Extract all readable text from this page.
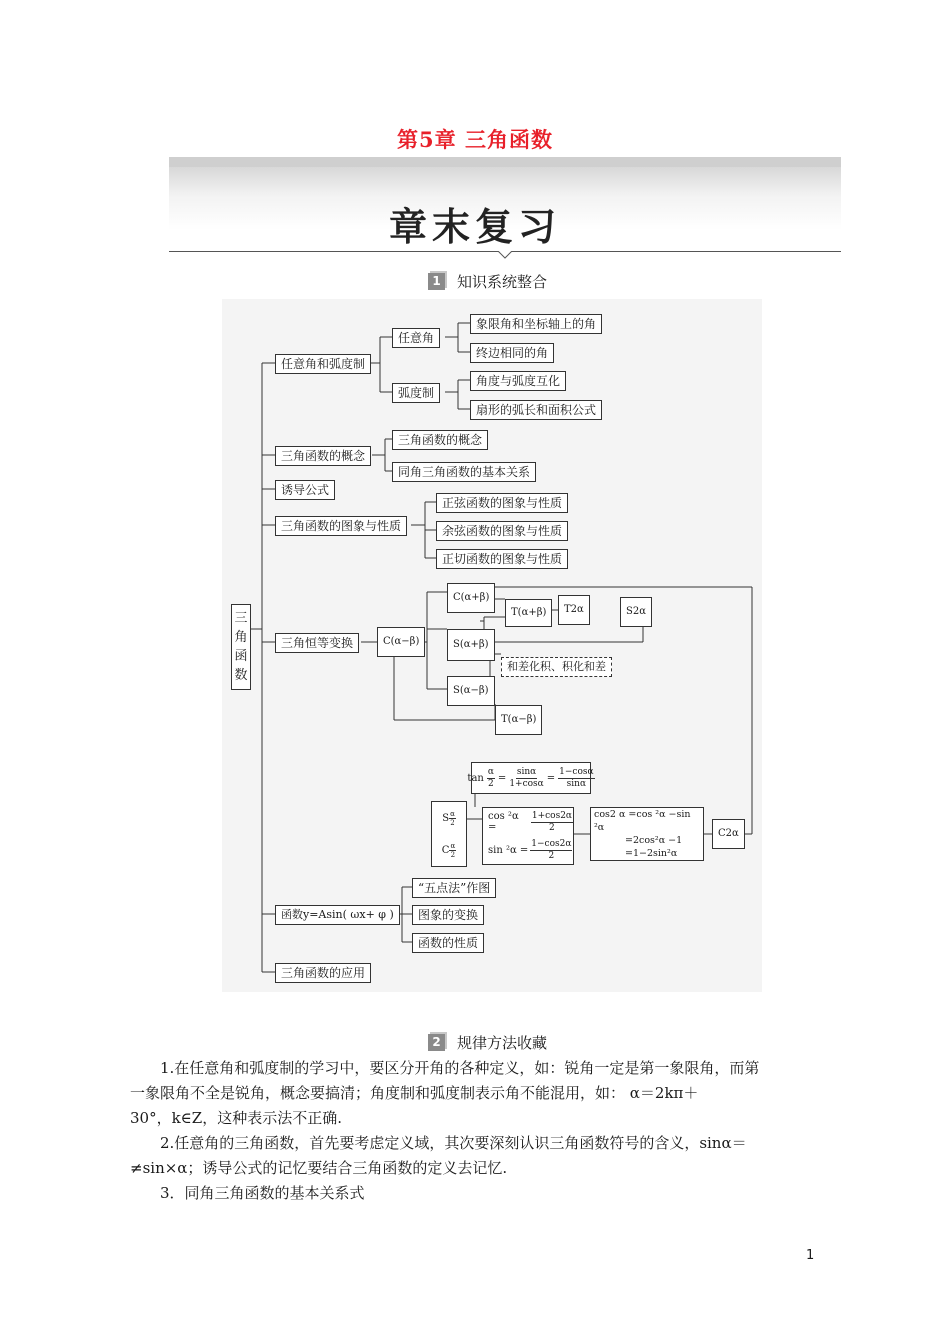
第5章 三角函数
章末复习
1 知识系统整合
三角函数
任意角和弧度制
任意角
象限角和坐标轴上的角
终边相同的角
弧度制
角度与弧度互化
扇形的弧长和面积公式
三角函数的概念
三角函数的概念
同角三角函数的基本关系
诱导公式
三角函数的图象与性质
正弦函数的图象与性质
余弦函数的图象与性质
正切函数的图象与性质
三角恒等变换	C(α−β)
C(α+β)
T(α+β)	T2α	S2α
S(α+β)
和差化积、积化和差
S(α−β)
T(α−β)
$\tan \frac{\alpha}{2} = \frac{\sin\alpha}{1+\cos\alpha} = \frac{1-\cos\alpha}{\sin\alpha}$
S $\frac{\alpha}{2}$
C $\frac{\alpha}{2}$
cos ²α =	$\frac{1+\cos 2\alpha}{2}$
$\sin ^2\alpha = \frac{1-\cos 2\alpha}{2}$
cos2 α =cos ²α −sin ²α
=2cos²α −1
=1−2sin²α
C2α
函数y=Asin( ωx+ φ )
“五点法”作图
图象的变换
函数的性质
三角函数的应用
2 规律方法收藏
1.在任意角和弧度制的学习中，要区分开角的各种定义，如：锐角一定是第一象限角，而第
一象限角不全是锐角，概念要搞清；角度制和弧度制表示角不能混用，如： α＝2kπ＋
30°，k∈Z，这种表示法不正确.
2.任意角的三角函数，首先要考虑定义域，其次要深刻认识三角函数符号的含义，sinα＝
≠sin×α；诱导公式的记忆要结合三角函数的定义去记忆.
3．同角三角函数的基本关系式
1
